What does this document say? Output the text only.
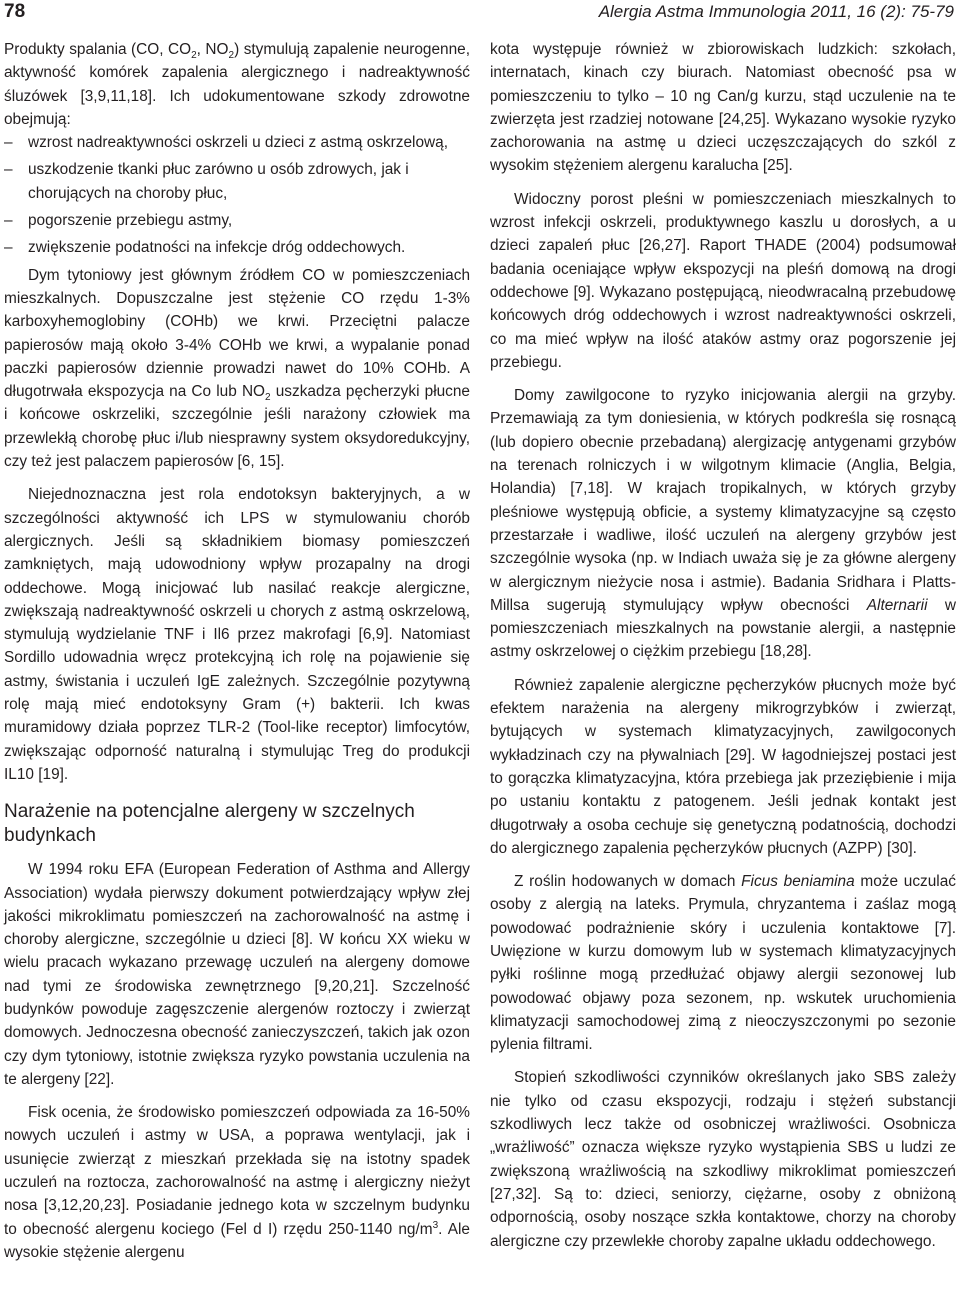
78	Alergia Astma Immunologia 2011, 16 (2): 75-79

Produkty spalania (CO, $CO_2$, $NO_2$) stymulują zapalenie neurogenne, aktywność komórek zapalenia alergicznego i nadreaktywność śluzówek [3,9,11,18]. Ich udokumentowane szkody zdrowotne obejmują:

– wzrost nadreaktywności oskrzeli u dzieci z astmą oskrzelową,
– uszkodzenie tkanki płuc zarówno u osób zdrowych, jak i chorujących na choroby płuc,
– pogorszenie przebiegu astmy,
– zwiększenie podatności na infekcje dróg oddechowych.

Dym tytoniowy jest głównym źródłem CO w pomieszczeniach mieszkalnych. Dopuszczalne jest stężenie CO rzędu 1-3% karboxyhemoglobiny (COHb) we krwi. Przeciętni palacze papierosów mają około 3-4% COHb we krwi, a wypalanie ponad paczki papierosów dziennie prowadzi nawet do 10% COHb. A długotrwała ekspozycja na Co lub $NO_2$ uszkadza pęcherzyki płucne i końcowe oskrzeliki, szczególnie jeśli narażony człowiek ma przewlekłą chorobę płuc i/lub niesprawny system oksydoredukcyjny, czy też jest palaczem papierosów [6, 15].

Niejednoznaczna jest rola endotoksyn bakteryjnych, a w szczególności aktywność ich LPS w stymulowaniu chorób alergicznych. Jeśli są składnikiem biomasy pomieszczeń zamkniętych, mają udowodniony wpływ prozapalny na drogi oddechowe. Mogą inicjować lub nasilać reakcje alergiczne, zwiększają nadreaktywność oskrzeli u chorych z astmą oskrzelową, stymulują wydzielanie TNF i Il6 przez makrofagi [6,9]. Natomiast Sordillo udowadnia wręcz protekcyjną ich rolę na pojawienie się astmy, świstania i uczuleń IgE zależnych. Szczególnie pozytywną rolę mają mieć endotoksyny Gram (+) bakterii. Ich kwas muramidowy działa poprzez TLR-2 (Tool-like receptor) limfocytów, zwiększając odporność naturalną i stymulując Treg do produkcji IL10 [19].

Narażenie na potencjalne alergeny w szczelnych budynkach

W 1994 roku EFA (European Federation of Asthma and Allergy Association) wydała pierwszy dokument potwierdzający wpływ złej jakości mikroklimatu pomieszczeń na zachorowalność na astmę i choroby alergiczne, szczególnie u dzieci [8]. W końcu XX wieku w wielu pracach wykazano przewagę uczuleń na alergeny domowe nad tymi ze środowiska zewnętrznego [9,20,21]. Szczelność budynków powoduje zagęszczenie alergenów roztoczy i zwierząt domowych. Jednoczesna obecność zanieczyszczeń, takich jak ozon czy dym tytoniowy, istotnie zwiększa ryzyko powstania uczulenia na te alergeny [22].

Fisk ocenia, że środowisko pomieszczeń odpowiada za 16-50% nowych uczuleń i astmy w USA, a poprawa wentylacji, jak i usunięcie zwierząt z mieszkań przekłada się na istotny spadek uczuleń na roztocza, zachorowalność na astmę i alergiczny nieżyt nosa [3,12,20,23]. Posiadanie jednego kota w szczelnym budynku to obecność alergenu kociego (Fel d I) rzędu 250-1140 $ng/m^3$. Ale wysokie stężenie alergenu

kota występuje również w zbiorowiskach ludzkich: szkołach, internatach, kinach czy biurach. Natomiast obecność psa w pomieszczeniu to tylko – 10 ng Can/g kurzu, stąd uczulenie na te zwierzęta jest rzadziej notowane [24,25]. Wykazano wysokie ryzyko zachorowania na astmę u dzieci uczęszczających do szkól z wysokim stężeniem alergenu karalucha [25].

Widoczny porost pleśni w pomieszczeniach mieszkalnych to wzrost infekcji oskrzeli, produktywnego kaszlu u dorosłych, a u dzieci zapaleń płuc [26,27]. Raport THADE (2004) podsumował badania oceniające wpływ ekspozycji na pleśń domową na drogi oddechowe [9]. Wykazano postępującą, nieodwracalną przebudowę końcowych dróg oddechowych i wzrost nadreaktywności oskrzeli, co ma mieć wpływ na ilość ataków astmy oraz pogorszenie jej przebiegu.

Domy zawilgocone to ryzyko inicjowania alergii na grzyby. Przemawiają za tym doniesienia, w których podkreśla się rosnącą (lub dopiero obecnie przebadaną) alergizację antygenami grzybów na terenach rolniczych i w wilgotnym klimacie (Anglia, Belgia, Holandia) [7,18]. W krajach tropikalnych, w których grzyby pleśniowe występują obficie, a systemy klimatyzacyjne są często przestarzałe i wadliwe, ilość uczuleń na alergeny grzybów jest szczególnie wysoka (np. w Indiach uważa się je za główne alergeny w alergicznym nieżycie nosa i astmie). Badania Sridhara i Platts-Millsa sugerują stymulujący wpływ obecności Alternarii w pomieszczeniach mieszkalnych na powstanie alergii, a następnie astmy oskrzelowej o ciężkim przebiegu [18,28].

Również zapalenie alergiczne pęcherzyków płucnych może być efektem narażenia na alergeny mikrogrzybków i zwierząt, bytujących w systemach klimatyzacyjnych, zawilgoconych wykładzinach czy na pływalniach [29]. W łagodniejszej postaci jest to gorączka klimatyzacyjna, która przebiega jak przeziębienie i mija po ustaniu kontaktu z patogenem. Jeśli jednak kontakt jest długotrwały a osoba cechuje się genetyczną podatnością, dochodzi do alergicznego zapalenia pęcherzyków płucnych (AZPP) [30].

Z roślin hodowanych w domach Ficus beniamina może uczulać osoby z alergią na lateks. Prymula, chryzantema i zaślaz mogą powodować podrażnienie skóry i uczulenia kontaktowe [7]. Uwięzione w kurzu domowym lub w systemach klimatyzacyjnych pyłki roślinne mogą przedłużać objawy alergii sezonowej lub powodować objawy poza sezonem, np. wskutek uruchomienia klimatyzacji samochodowej zimą z nieoczyszczonymi po sezonie pylenia filtrami.

Stopień szkodliwości czynników określanych jako SBS zależy nie tylko od czasu ekspozycji, rodzaju i stężeń substancji szkodliwych lecz także od osobniczej wrażliwości. Osobnicza „wrażliwość” oznacza większe ryzyko wystąpienia SBS u ludzi ze zwiększoną wrażliwością na szkodliwy mikroklimat pomieszczeń [27,32]. Są to: dzieci, seniorzy, ciężarne, osoby z obniżoną odpornością, osoby noszące szkła kontaktowe, chorzy na choroby alergiczne czy przewlekłe choroby zapalne układu oddechowego.
